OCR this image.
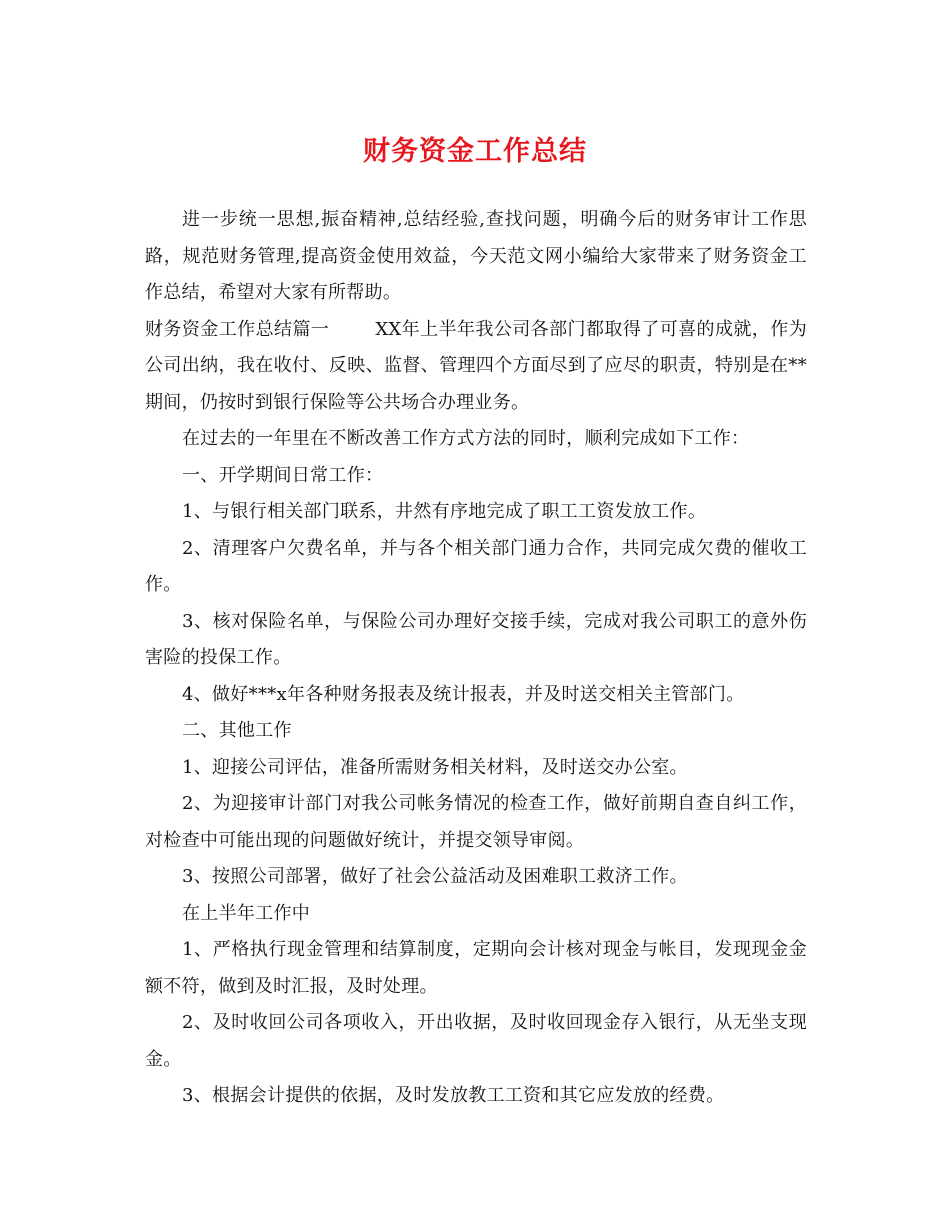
财务资金工作总结

进一步统一思想,振奋精神,总结经验,查找问题，明确今后的财务审计工作思路，规范财务管理,提高资金使用效益，今天范文网小编给大家带来了财务资金工作总结，希望对大家有所帮助。

财务资金工作总结篇一	XX年上半年我公司各部门都取得了可喜的成就，作为公司出纳，我在收付、反映、监督、管理四个方面尽到了应尽的职责，特别是在**期间，仍按时到银行保险等公共场合办理业务。

在过去的一年里在不断改善工作方式方法的同时，顺利完成如下工作：

一、开学期间日常工作：

1、与银行相关部门联系，井然有序地完成了职工工资发放工作。

2、清理客户欠费名单，并与各个相关部门通力合作，共同完成欠费的催收工作。

3、核对保险名单，与保险公司办理好交接手续，完成对我公司职工的意外伤害险的投保工作。

4、做好***x年各种财务报表及统计报表，并及时送交相关主管部门。

二、其他工作

1、迎接公司评估，准备所需财务相关材料，及时送交办公室。

2、为迎接审计部门对我公司帐务情况的检查工作，做好前期自查自纠工作，对检查中可能出现的问题做好统计，并提交领导审阅。

3、按照公司部署，做好了社会公益活动及困难职工救济工作。

在上半年工作中

1、严格执行现金管理和结算制度，定期向会计核对现金与帐目，发现现金金额不符，做到及时汇报，及时处理。

2、及时收回公司各项收入，开出收据，及时收回现金存入银行，从无坐支现金。

3、根据会计提供的依据，及时发放教工工资和其它应发放的经费。
